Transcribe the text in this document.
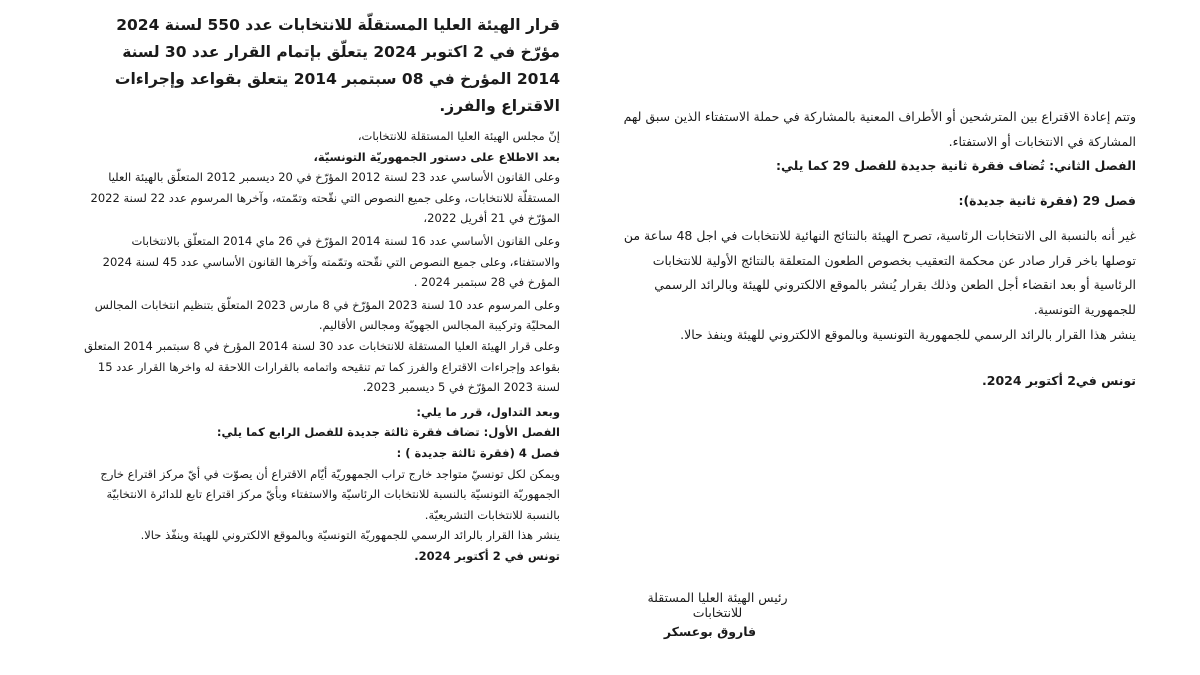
قرار الهيئة العليا المستقلّة للانتخابات عدد 550 لسنة 2024 مؤرّخ في 2 اكتوبر 2024 يتعلّق بإتمام القرار عدد 30 لسنة 2014 المؤرخ في 08 سبتمبر 2014 يتعلق بقواعد وإجراءات الاقتراع والفرز.

إنّ مجلس الهيئة العليا المستقلة للانتخابات،

بعد الاطلاع على دستور الجمهوريّة التونسيّة،

وعلى القانون الأساسي عدد 23 لسنة 2012 المؤرّخ في 20 ديسمبر 2012 المتعلّق بالهيئة العليا المستقلّة للانتخابات، وعلى جميع النصوص التي نقّحته وتمّمته، وآخرها المرسوم عدد 22 لسنة 2022 المؤرّخ في 21 أفريل 2022،

وعلى القانون الأساسي عدد 16 لسنة 2014 المؤرّخ في 26 ماي 2014 المتعلّق بالانتخابات والاستفتاء، وعلى جميع النصوص التي نقّحته وتمّمته وآخرها القانون الأساسي عدد 45 لسنة 2024 المؤرخ في 28 سبتمبر 2024 .

وعلى المرسوم عدد 10 لسنة 2023 المؤرّخ في 8 مارس 2023 المتعلّق بتنظيم انتخابات المجالس المحليّة وتركيبة المجالس الجهويّة ومجالس الأقاليم.

وعلى قرار الهيئة العليا المستقلة للانتخابات عدد 30 لسنة 2014 المؤرخ في 8 سبتمبر 2014 المتعلق بقواعد وإجراءات الاقتراع والفرز كما تم تنقيحه واتمامه بالقرارات اللاحقة له واخرها القرار عدد 15 لسنة 2023 المؤرّخ في 5 ديسمبر 2023.

وبعد التداول، قرر ما يلي:

الفصل الأول: تضاف فقرة ثالثة جديدة للفصل الرابع كما يلي:

فصل 4 (فقرة ثالثة جديدة ) :

ويمكن لكل تونسيّ متواجد خارج تراب الجمهوريّة أيّام الاقتراع أن يصوّت في أيّ مركز اقتراع خارج الجمهوريّة التونسيّة بالنسبة للانتخابات الرئاسيّة والاستفتاء وبأيّ مركز اقتراع تابع للدائرة الانتخابيّة بالنسبة للانتخابات التشريعيّة.

ينشر هذا القرار بالرائد الرسمي للجمهوريّة التونسيّة وبالموقع الالكتروني للهيئة وينفّذ حالا.

تونس في 2 أكتوبر 2024.

وتتم إعادة الاقتراع بين المترشحين أو الأطراف المعنية بالمشاركة في حملة الاستفتاء الذين سبق لهم المشاركة في الانتخابات أو الاستفتاء.

الفصل الثاني: تُضاف فقرة ثانية جديدة للفصل 29 كما يلي:

فصل 29 (فقرة ثانية جديدة):

غير أنه بالنسبة الى الانتخابات الرئاسية، تصرح الهيئة بالنتائج النهائية للانتخابات في اجل 48 ساعة من توصلها باخر قرار صادر عن محكمة التعقيب بخصوص الطعون المتعلقة بالنتائج الأولية للانتخابات الرئاسية أو بعد انقضاء أجل الطعن وذلك بقرار يُنشر بالموقع الالكتروني للهيئة وبالرائد الرسمي للجمهورية التونسية.

ينشر هذا القرار بالرائد الرسمي للجمهورية التونسية وبالموقع الالكتروني للهيئة وينفذ حالا.

تونس في2 أكتوبر 2024.

رئيس الهيئة العليا المستقلة للانتخابات
فاروق بوعسكر
